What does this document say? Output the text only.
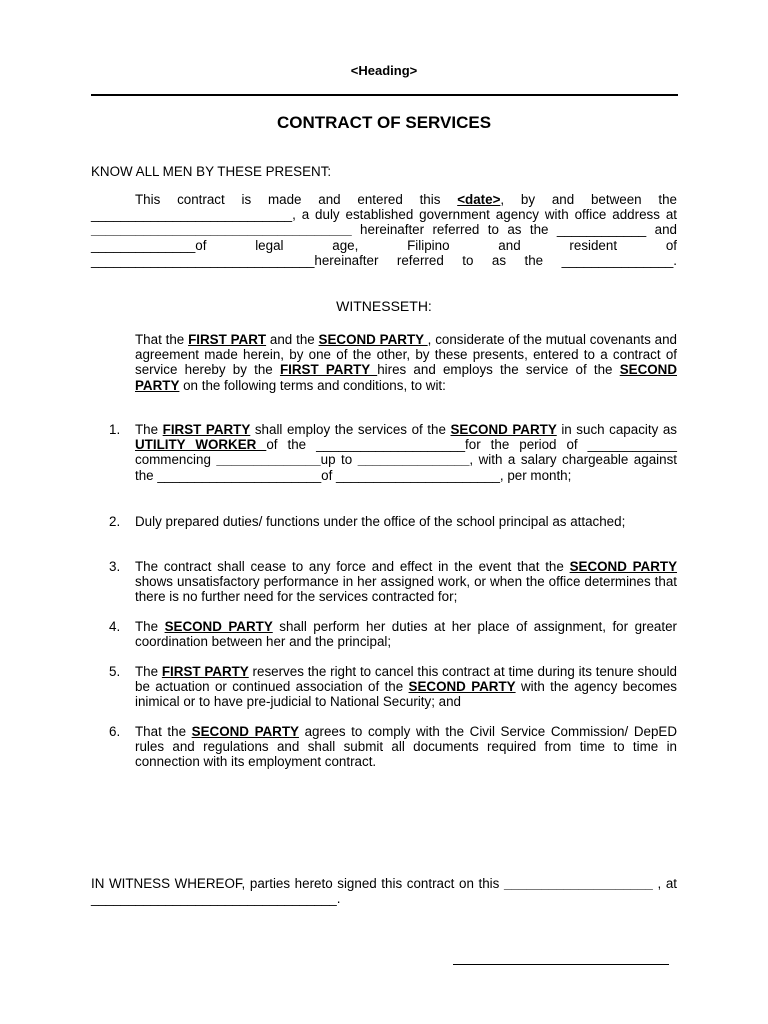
<Heading>
CONTRACT OF SERVICES
KNOW ALL MEN BY THESE PRESENT:
This contract is made and entered this <date>, by and between the ___________________________, a duly established government agency with office address at ___________________________________ hereinafter referred to as the ____________ and ______________of legal age, Filipino and resident of ______________________________hereinafter referred to as the _______________.
WITNESSETH:
That the FIRST PART and the SECOND PARTY , considerate of the mutual covenants and agreement made herein, by one of the other, by these presents, entered to a contract of service hereby by the FIRST PARTY hires and employs the service of the SECOND PARTY on the following terms and conditions, to wit:
1.	The FIRST PARTY shall employ the services of the SECOND PARTY in such capacity as UTILITY WORKER of the ____________________for the period of ____________ commencing ______________up to _______________, with a salary chargeable against the ______________________of ______________________, per month;
2.	Duly prepared duties/ functions under the office of the school principal as attached;
3.	The contract shall cease to any force and effect in the event that the SECOND PARTY shows unsatisfactory performance in her assigned work, or when the office determines that there is no further need for the services contracted for;
4.	The SECOND PARTY shall perform her duties at her place of assignment, for greater coordination between her and the principal;
5.	The FIRST PARTY reserves the right to cancel this contract at time during its tenure should be actuation or continued association of the SECOND PARTY with the agency becomes inimical or to have pre-judicial to National Security; and
6.	That the SECOND PARTY agrees to comply with the Civil Service Commission/ DepED rules and regulations and shall submit all documents required from time to time in connection with its employment contract.
IN WITNESS WHEREOF, parties hereto signed this contract on this ____________________ , at _________________________________.
